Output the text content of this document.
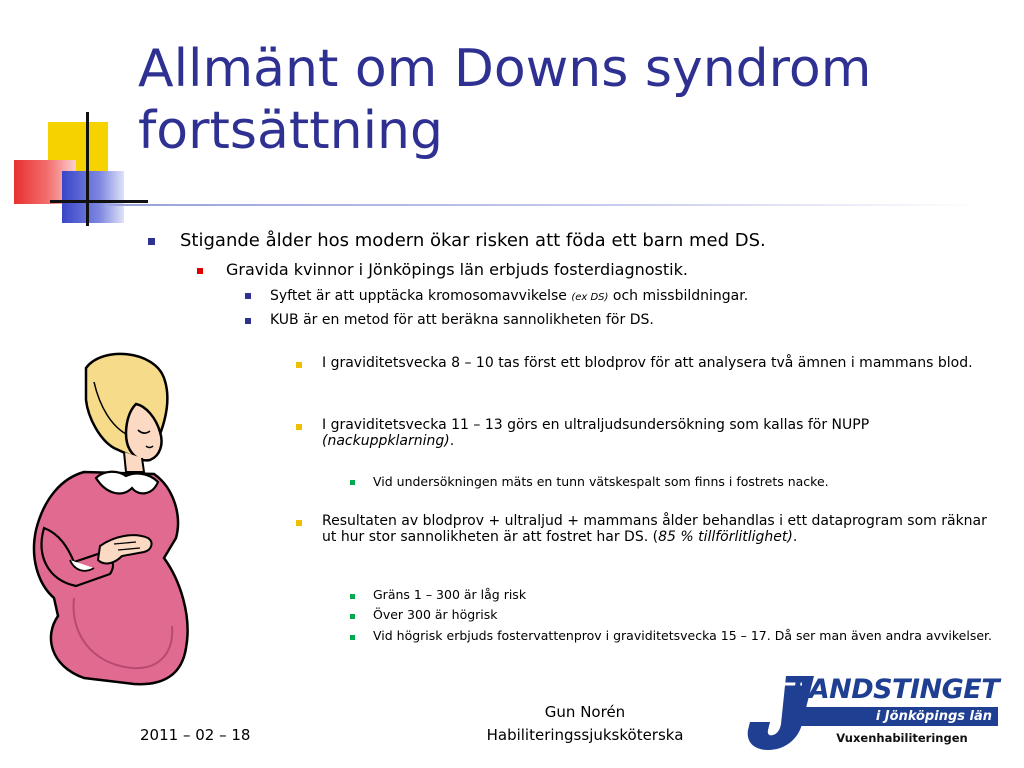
Allmänt om Downs syndrom
fortsättning
Stigande ålder hos modern ökar risken att föda ett barn med DS.
Gravida kvinnor i Jönköpings län erbjuds fosterdiagnostik.
Syftet är att upptäcka kromosomavvikelse (ex DS) och missbildningar.
KUB är en metod för att beräkna sannolikheten för DS.
I graviditetsvecka 8 – 10 tas först ett blodprov för att analysera två ämnen i mammans blod.
I graviditetsvecka 11 – 13 görs en ultraljudsundersökning som kallas för NUPP (nackuppklarning).
Vid undersökningen mäts en tunn vätskespalt som finns i fostrets nacke.
Resultaten av blodprov + ultraljud + mammans ålder behandlas i ett dataprogram som räknar ut hur stor sannolikheten är att fostret har DS. (85 % tillförlitlighet).
Gräns 1 – 300 är låg risk
Över 300 är högrisk
Vid högrisk erbjuds fostervattenprov i graviditetsvecka 15 – 17. Då ser man även andra avvikelser.
2011 – 02 – 18
Gun Norén
Habiliteringssjuksköterska
LANDSTINGET
i Jönköpings län
Vuxenhabiliteringen
